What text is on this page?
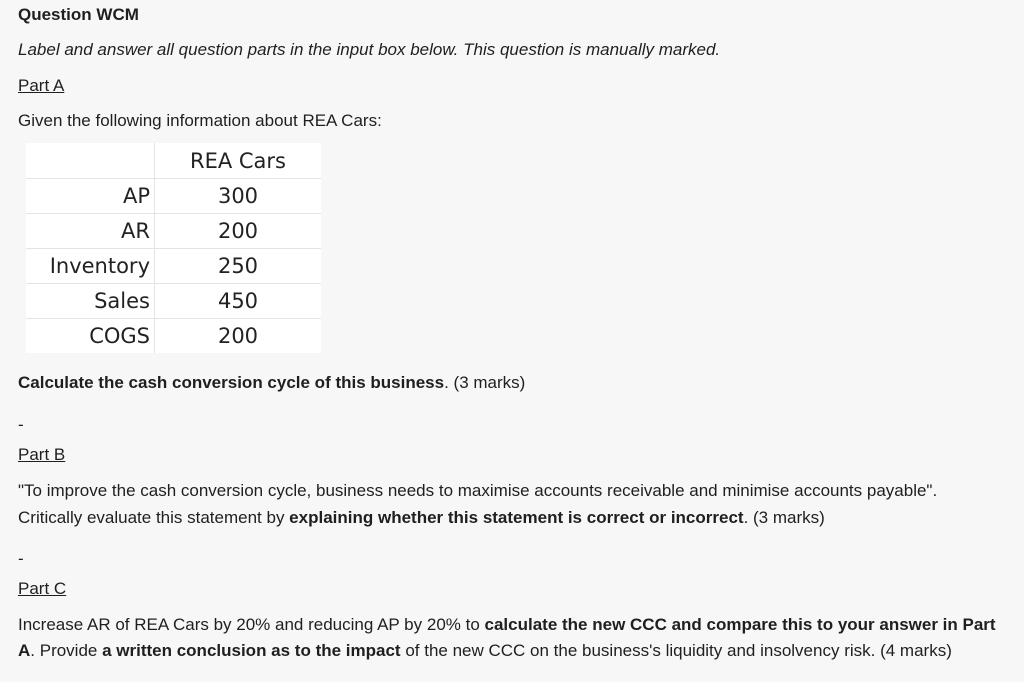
Question WCM
Label and answer all question parts in the input box below. This question is manually marked.
Part A
Given the following information about REA Cars:
	REA Cars
AP	300
AR	200
Inventory	250
Sales	450
COGS	200
Calculate the cash conversion cycle of this business. (3 marks)
-
Part B
"To improve the cash conversion cycle, business needs to maximise accounts receivable and minimise accounts payable".
Critically evaluate this statement by explaining whether this statement is correct or incorrect. (3 marks)
-
Part C
Increase AR of REA Cars by 20% and reducing AP by 20% to calculate the new CCC and compare this to your answer in Part
A. Provide a written conclusion as to the impact of the new CCC on the business's liquidity and insolvency risk. (4 marks)
